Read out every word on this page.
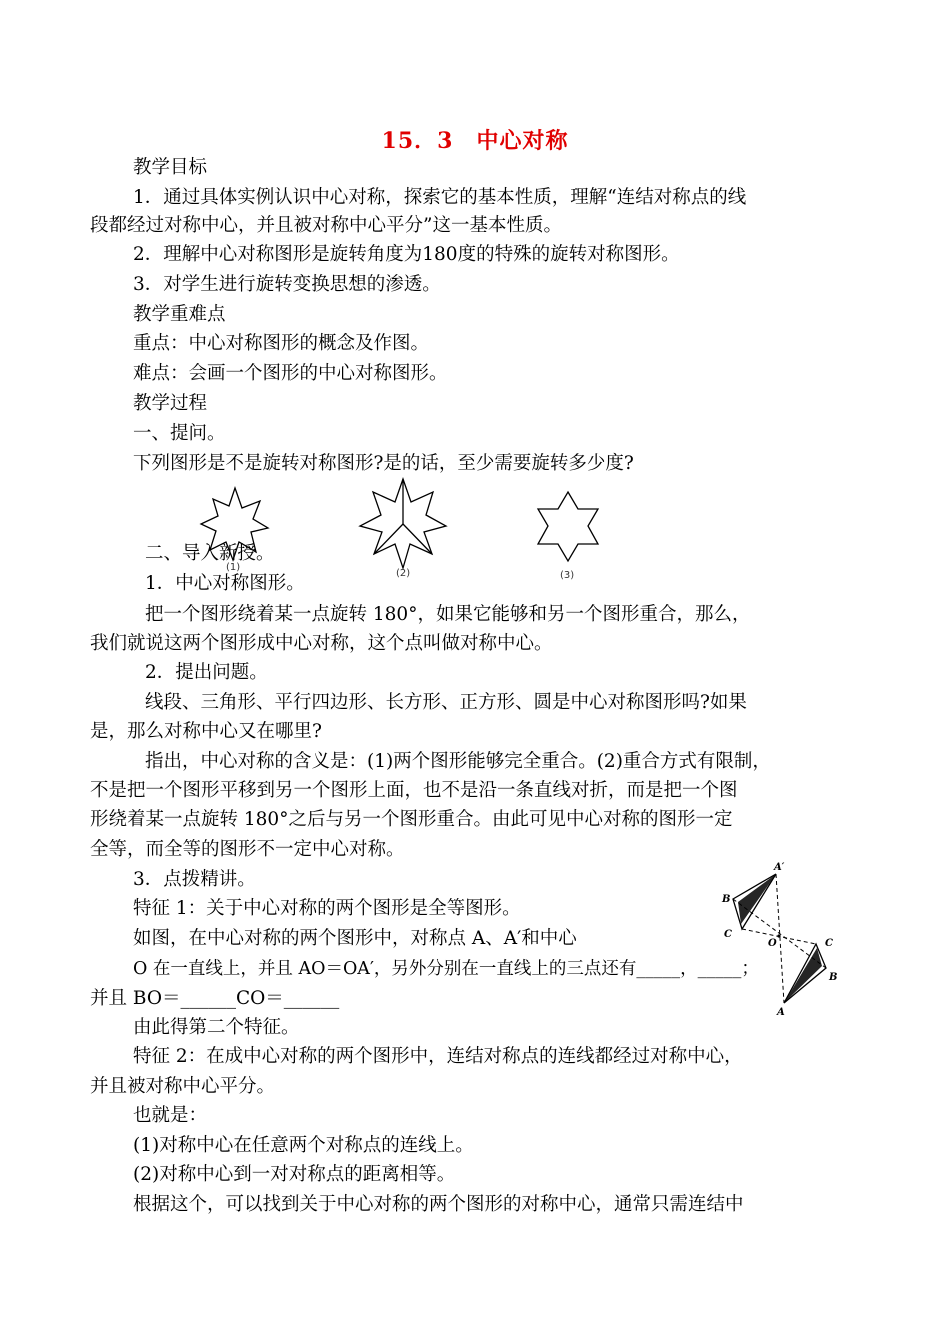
15．3　中心对称
教学目标
1．通过具体实例认识中心对称，探索它的基本性质，理解“连结对称点的线
段都经过对称中心，并且被对称中心平分”这一基本性质。
2．理解中心对称图形是旋转角度为180度的特殊的旋转对称图形。
3．对学生进行旋转变换思想的渗透。
教学重难点
重点：中心对称图形的概念及作图。
难点：会画一个图形的中心对称图形。
教学过程
一、提问。
下列图形是不是旋转对称图形?是的话，至少需要旋转多少度?
(1)
(2)	(3)
二、导入新授。
1．中心对称图形。
把一个图形绕着某一点旋转 180°，如果它能够和另一个图形重合，那么，
我们就说这两个图形成中心对称，这个点叫做对称中心。
2．提出问题。
线段、三角形、平行四边形、长方形、正方形、圆是中心对称图形吗?如果
是，那么对称中心又在哪里?
指出，中心对称的含义是：(1)两个图形能够完全重合。(2)重合方式有限制，
不是把一个图形平移到另一个图形上面，也不是沿一条直线对折，而是把一个图
形绕着某一点旋转 180°之后与另一个图形重合。由此可见中心对称的图形一定
全等，而全等的图形不一定中心对称。
3．点拨精讲。
特征 1：关于中心对称的两个图形是全等图形。
如图，在中心对称的两个图形中，对称点 A、A′和中心
O 在一直线上，并且 AO＝OA′，另外分别在一直线上的三点还有_____，_____；
并且 BO＝______CO＝______
由此得第二个特征。
特征 2：在成中心对称的两个图形中，连结对称点的连线都经过对称中心，
并且被对称中心平分。
也就是：
(1)对称中心在任意两个对称点的连线上。
(2)对称中心到一对对称点的距离相等。
根据这个，可以找到关于中心对称的两个图形的对称中心，通常只需连结中
A′
B
C
O	C
B
A
